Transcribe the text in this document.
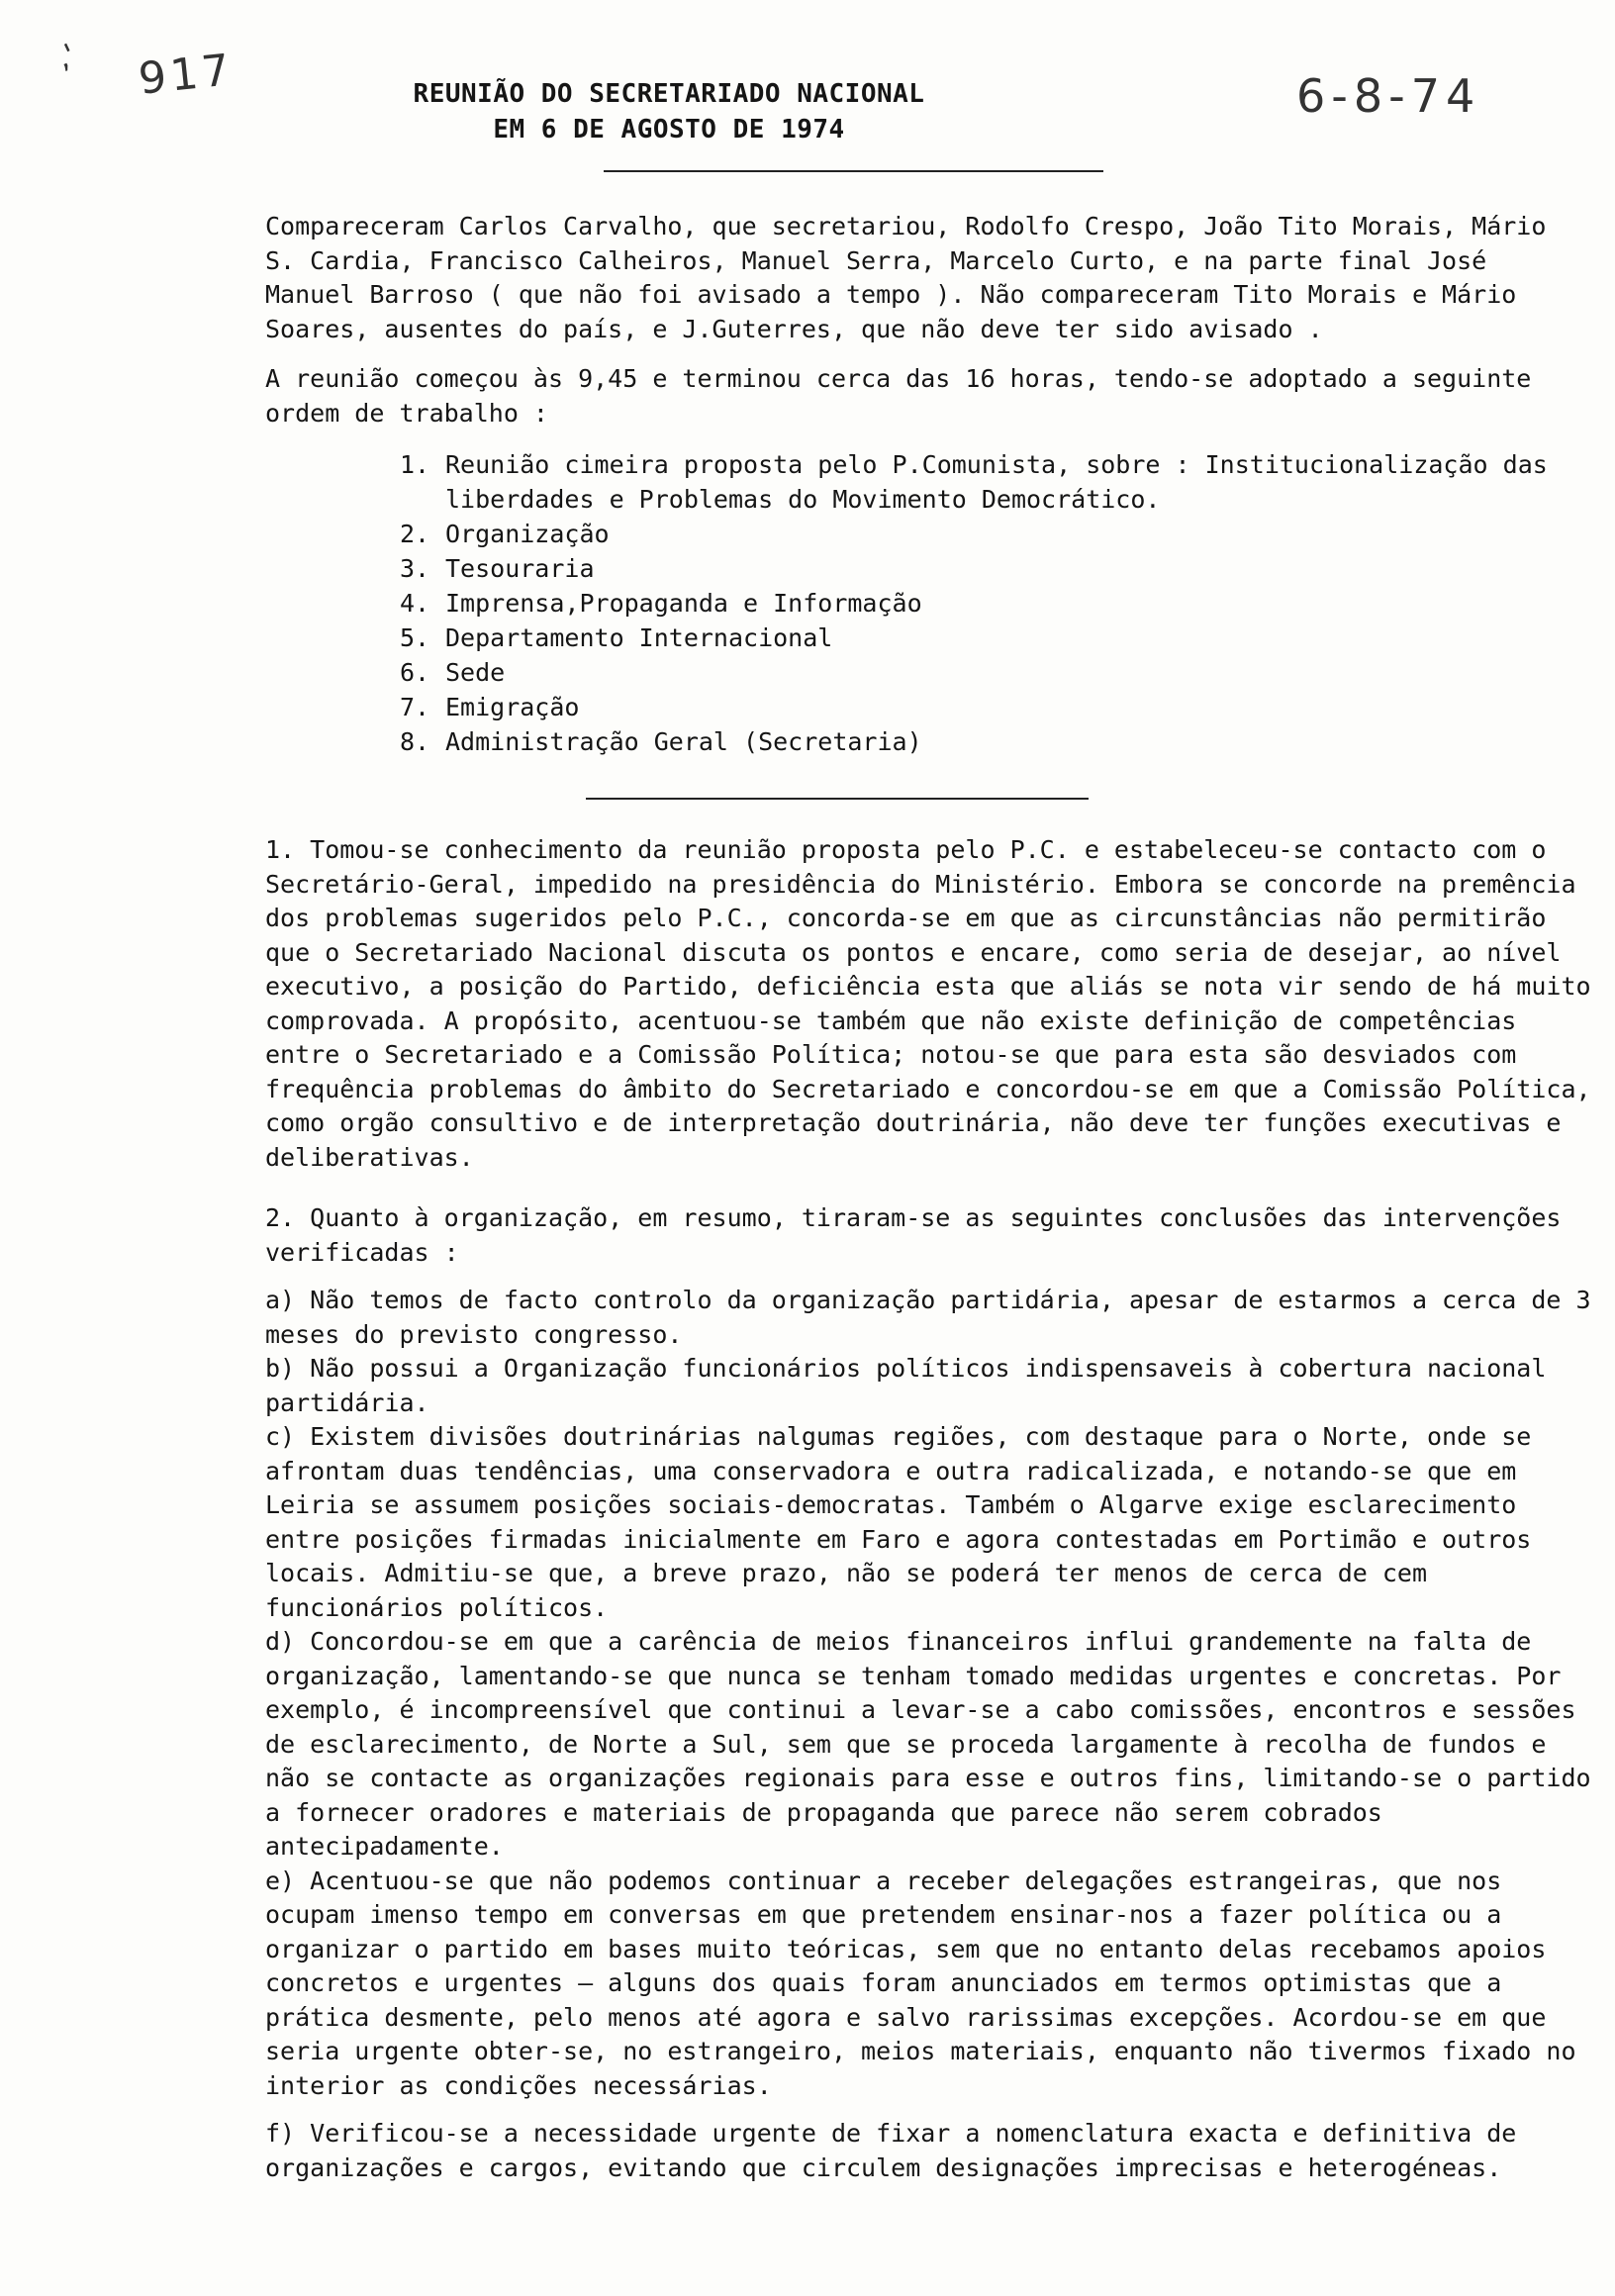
,' 917	6-8-74
REUNIÃO DO SECRETARIADO NACIONAL
EM 6 DE AGOSTO DE 1974

Compareceram Carlos Carvalho, que secretariou, Rodolfo Crespo, João Tito Morais, Mário S. Cardia, Francisco Calheiros, Manuel Serra, Marcelo Curto, e na parte final José Manuel Barroso ( que não foi avisado a tempo ). Não compareceram Tito Morais e Mário Soares, ausentes do país, e J.Guterres, que não deve ter sido avisado .

A reunião começou às 9,45 e terminou cerca das 16 horas, tendo-se adoptado a seguinte ordem de trabalho :

1. Reunião cimeira proposta pelo P.Comunista, sobre : Institucionalização das liberdades e Problemas do Movimento Democrático.
2. Organização
3. Tesouraria
4. Imprensa,Propaganda e Informação
5. Departamento Internacional
6. Sede
7. Emigração
8. Administração Geral (Secretaria)

1. Tomou-se conhecimento da reunião proposta pelo P.C. e estabeleceu-se contacto com o Secretário-Geral, impedido na presidência do Ministério. Embora se concorde na premência dos problemas sugeridos pelo P.C., concorda-se em que as circunstâncias não permitirão que o Secretariado Nacional discuta os pontos e encare, como seria de desejar, ao nível executivo, a posição do Partido, deficiência esta que aliás se nota vir sendo de há muito comprovada. A propósito, acentuou-se também que não existe definição de competências entre o Secretariado e a Comissão Política; notou-se que para esta são desviados com frequência problemas do âmbito do Secretariado e concordou-se em que a Comissão Política, como orgão consultivo e de interpretação doutrinária, não deve ter funções executivas e deliberativas.

2. Quanto à organização, em resumo, tiraram-se as seguintes conclusões das intervenções verificadas :

a) Não temos de facto controlo da organização partidária, apesar de estarmos a cerca de 3 meses do previsto congresso.

b) Não possui a Organização funcionários políticos indispensaveis à cobertura nacional partidária.

c) Existem divisões doutrinárias nalgumas regiões, com destaque para o Norte, onde se afrontam duas tendências, uma conservadora e outra radicalizada, e notando-se que em Leiria se assumem posições sociais-democratas. Também o Algarve exige esclarecimento entre posições firmadas inicialmente em Faro e agora contestadas em Portimão e outros locais. Admitiu-se que, a breve prazo, não se poderá ter menos de cerca de cem funcionários políticos.

d) Concordou-se em que a carência de meios financeiros influi grandemente na falta de organização, lamentando-se que nunca se tenham tomado medidas urgentes e concretas. Por exemplo, é incompreensível que continui a levar-se a cabo comissões, encontros e sessões de esclarecimento, de Norte a Sul, sem que se proceda largamente à recolha de fundos e não se contacte as organizações regionais para esse e outros fins, limitando-se o partido a fornecer oradores e materiais de propaganda que parece não serem cobrados antecipadamente.

e) Acentuou-se que não podemos continuar a receber delegações estrangeiras, que nos ocupam imenso tempo em conversas em que pretendem ensinar-nos a fazer política ou a organizar o partido em bases muito teóricas, sem que no entanto delas recebamos apoios concretos e urgentes — alguns dos quais foram anunciados em termos optimistas que a prática desmente, pelo menos até agora e salvo rarissimas excepções. Acordou-se em que seria urgente obter-se, no estrangeiro, meios materiais, enquanto não tivermos fixado no interior as condições necessárias.

f) Verificou-se a necessidade urgente de fixar a nomenclatura exacta e definitiva de organizações e cargos, evitando que circulem designações imprecisas e heterogéneas.
